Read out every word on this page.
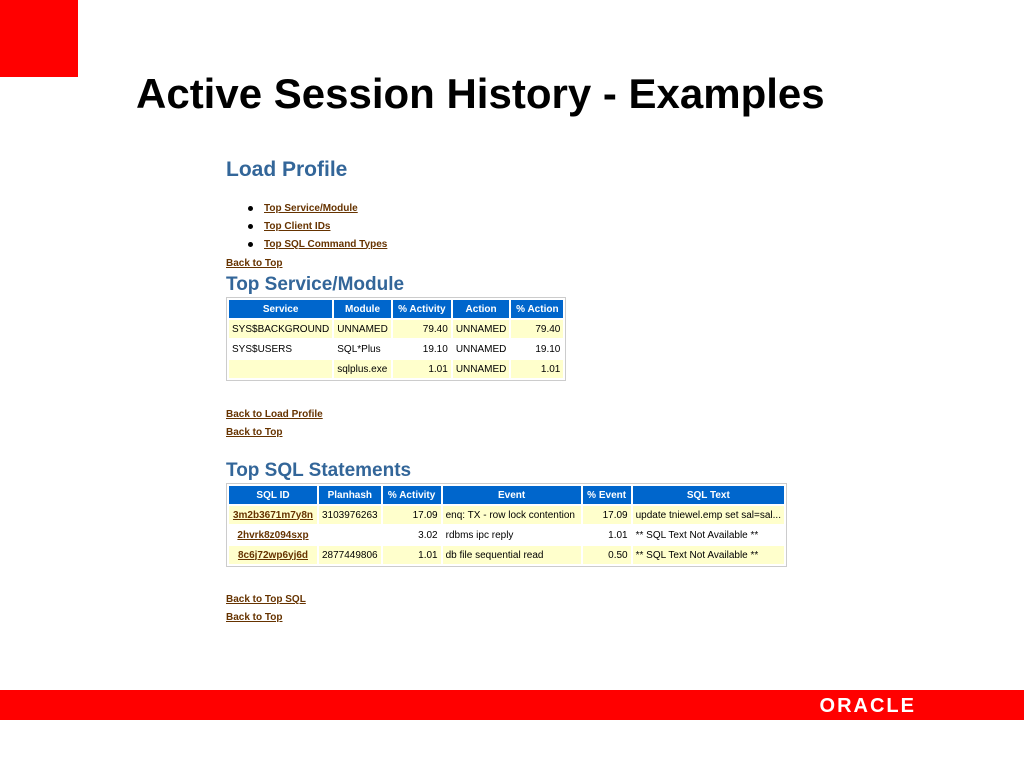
Active Session History - Examples
Load Profile
Top Service/Module
Top Client IDs
Top SQL Command Types
Back to Top
Top Service/Module
Service	Module	% Activity	Action	% Action
SYS$BACKGROUND	UNNAMED	79.40	UNNAMED	79.40
SYS$USERS	SQL*Plus	19.10	UNNAMED	19.10
	sqlplus.exe	1.01	UNNAMED	1.01
Back to Load Profile
Back to Top
Top SQL Statements
SQL ID	Planhash	% Activity	Event	% Event	SQL Text
3m2b3671m7y8n	3103976263	17.09	enq: TX - row lock contention	17.09	update tniewel.emp set sal=sal...
2hvrk8z094sxp		3.02	rdbms ipc reply	1.01	** SQL Text Not Available **
8c6j72wp6yj6d	2877449806	1.01	db file sequential read	0.50	** SQL Text Not Available **
Back to Top SQL
Back to Top
ORACLE
